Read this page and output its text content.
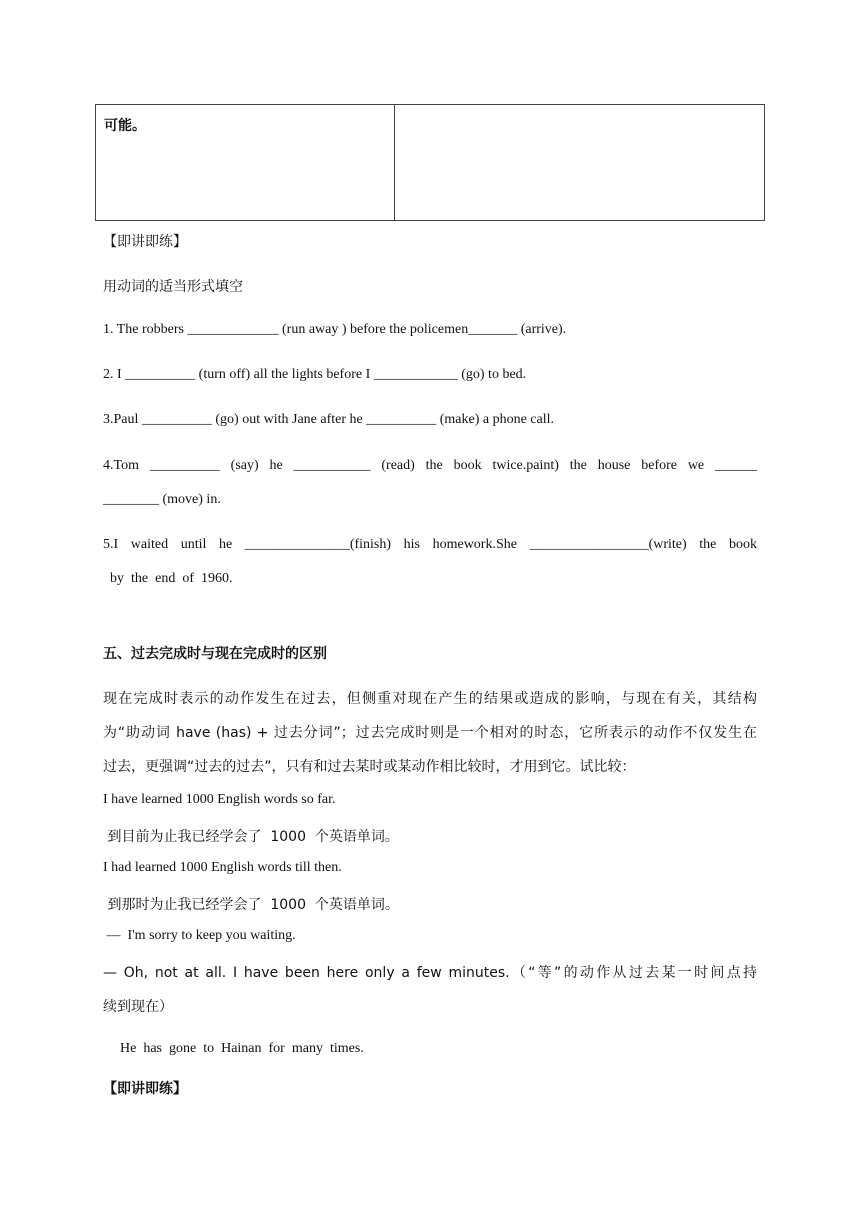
可能。
【即讲即练】
用动词的适当形式填空
1. The robbers _____________ (run away ) before the policemen_______ (arrive).
2. I __________ (turn off) all the lights before I ____________ (go) to bed.
3.Paul __________ (go) out with Jane after he __________ (make) a phone call.
4.Tom __________ (say) he ___________ (read) the book twice.paint) the house before we ______
________ (move) in.
5.I waited until he _______________(finish) his homework.She _________________(write) the book
by  the  end  of  1960.
五、过去完成时与现在完成时的区别
现在完成时表示的动作发生在过去，但侧重对现在产生的结果或造成的影响，与现在有关，其结构
为“助动词 have (has) + 过去分词”；过去完成时则是一个相对的时态，它所表示的动作不仅发生在
过去，更强调“过去的过去”，只有和过去某时或某动作相比较时，才用到它。试比较：
I have learned 1000 English words so far.
到目前为止我已经学会了  1000  个英语单词。
I had learned 1000 English words till then.
到那时为止我已经学会了  1000  个英语单词。
—  I'm sorry to keep you waiting.
— Oh, not at all. I have been here only a few minutes.（“等”的动作从过去某一时间点持
续到现在）
He  has  gone  to  Hainan  for  many  times.
【即讲即练】
